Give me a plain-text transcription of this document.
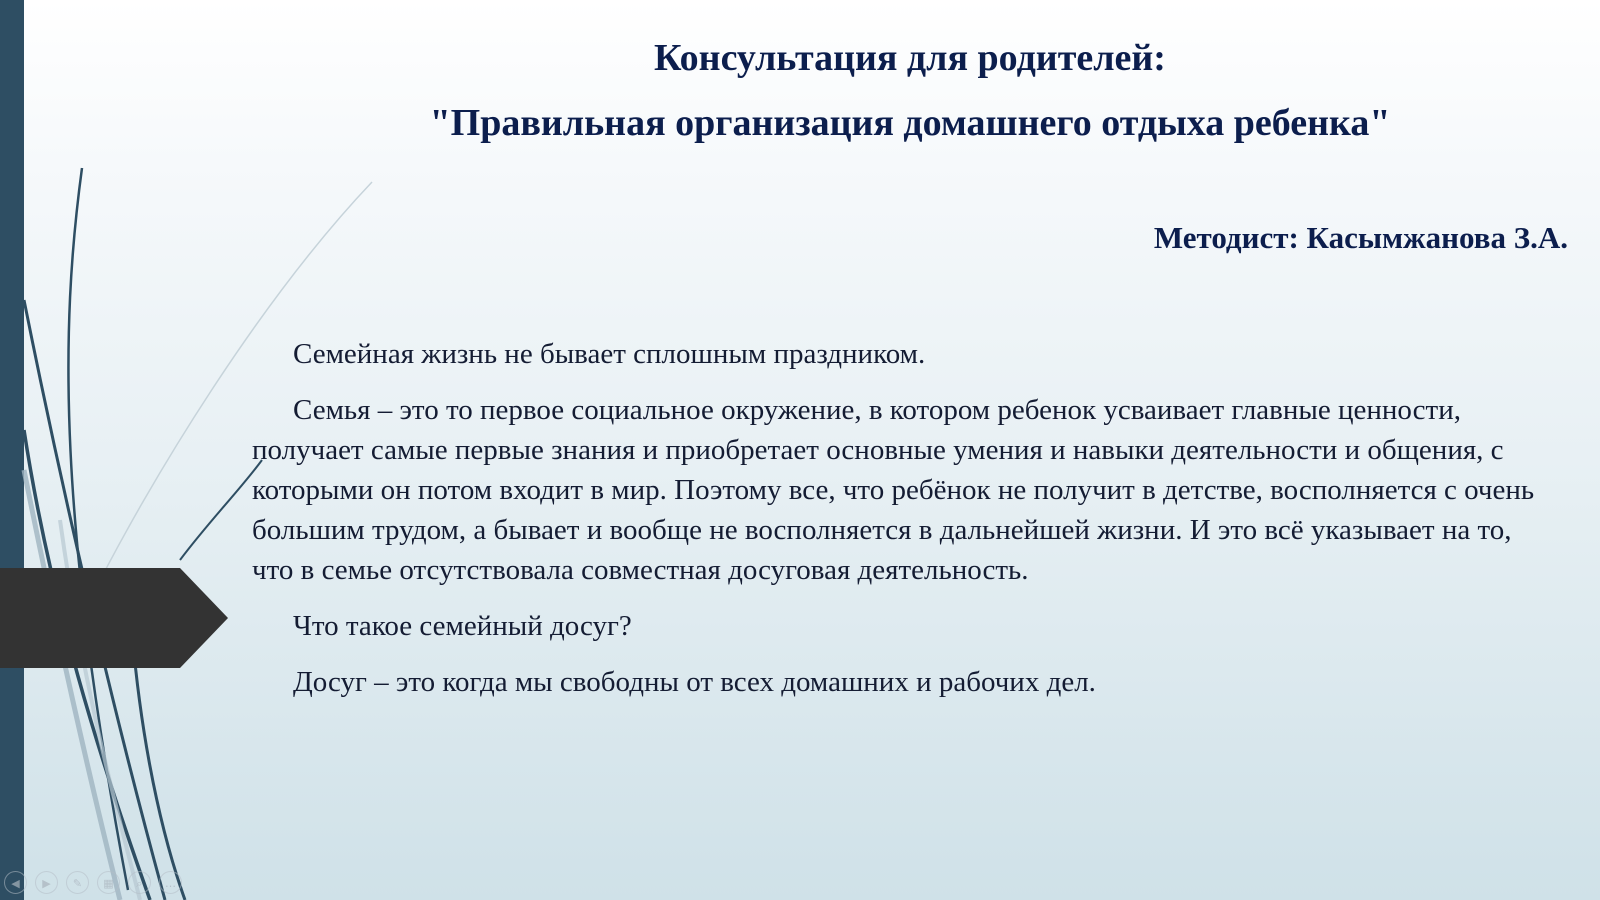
Консультация для родителей:
"Правильная организация домашнего отдыха ребенка"
Методист: Касымжанова З.А.

Семейная жизнь не бывает сплошным праздником.

Семья – это то первое социальное окружение, в котором ребенок усваивает главные ценности, получает самые первые знания и приобретает основные умения и навыки деятельности и общения, с которыми он потом входит в мир. Поэтому все, что ребёнок не получит в детстве, восполняется с очень большим трудом, а бывает и вообще не восполняется в дальнейшей жизни. И это всё указывает на то, что в семье отсутствовала совместная досуговая деятельность.

Что такое семейный досуг?

Досуг – это когда мы свободны от всех домашних и рабочих дел.

◀	▶	✎	▦	⌕	…
